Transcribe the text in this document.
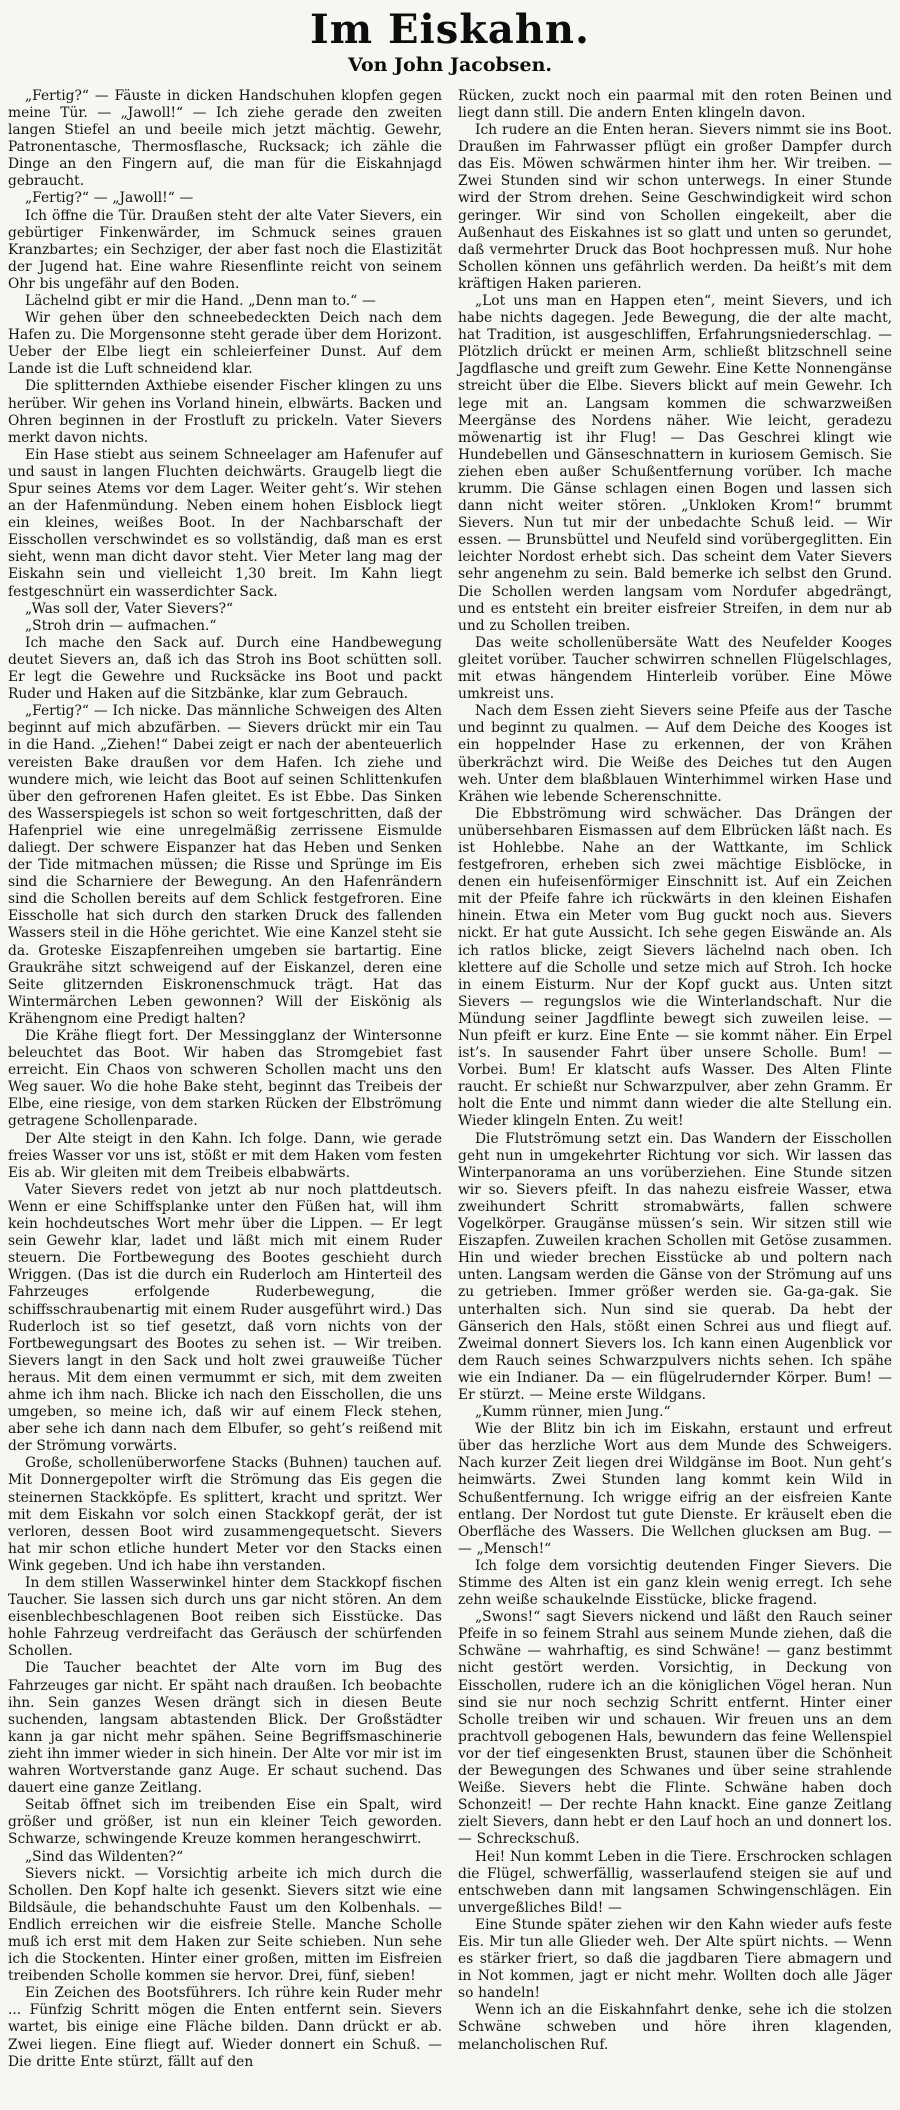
Im Eiskahn.
Von John Jacobsen.

„Fertig?“ — Fäuste in dicken Handschuhen klopfen gegen meine Tür. — „Jawoll!“ — Ich ziehe gerade den zweiten langen Stiefel an und beeile mich jetzt mächtig. Gewehr, Patronentasche, Thermosflasche, Rucksack; ich zähle die Dinge an den Fingern auf, die man für die Eiskahnjagd gebraucht.

„Fertig?“ — „Jawoll!“ —

Ich öffne die Tür. Draußen steht der alte Vater Sievers, ein gebürtiger Finkenwärder, im Schmuck seines grauen Kranzbartes; ein Sechziger, der aber fast noch die Elastizität der Jugend hat. Eine wahre Riesenflinte reicht von seinem Ohr bis ungefähr auf den Boden.

Lächelnd gibt er mir die Hand. „Denn man to.“ —

Wir gehen über den schneebedeckten Deich nach dem Hafen zu. Die Morgensonne steht gerade über dem Horizont. Ueber der Elbe liegt ein schleierfeiner Dunst. Auf dem Lande ist die Luft schneidend klar.

Die splitternden Axthiebe eisender Fischer klingen zu uns herüber. Wir gehen ins Vorland hinein, elbwärts. Backen und Ohren beginnen in der Frostluft zu prickeln. Vater Sievers merkt davon nichts.

Ein Hase stiebt aus seinem Schneelager am Hafenufer auf und saust in langen Fluchten deichwärts. Graugelb liegt die Spur seines Atems vor dem Lager. Weiter geht’s. Wir stehen an der Hafenmündung. Neben einem hohen Eisblock liegt ein kleines, weißes Boot. In der Nachbarschaft der Eisschollen verschwindet es so vollständig, daß man es erst sieht, wenn man dicht davor steht. Vier Meter lang mag der Eiskahn sein und vielleicht 1,30 breit. Im Kahn liegt festgeschnürt ein wasserdichter Sack.

„Was soll der, Vater Sievers?“

„Stroh drin — aufmachen.“

Ich mache den Sack auf. Durch eine Handbewegung deutet Sievers an, daß ich das Stroh ins Boot schütten soll. Er legt die Gewehre und Rucksäcke ins Boot und packt Ruder und Haken auf die Sitzbänke, klar zum Gebrauch.

„Fertig?“ — Ich nicke. Das männliche Schweigen des Alten beginnt auf mich abzufärben. — Sievers drückt mir ein Tau in die Hand. „Ziehen!“ Dabei zeigt er nach der abenteuerlich vereisten Bake draußen vor dem Hafen. Ich ziehe und wundere mich, wie leicht das Boot auf seinen Schlittenkufen über den gefrorenen Hafen gleitet. Es ist Ebbe. Das Sinken des Wasserspiegels ist schon so weit fortgeschritten, daß der Hafenpriel wie eine unregelmäßig zerrissene Eismulde daliegt. Der schwere Eispanzer hat das Heben und Senken der Tide mitmachen müssen; die Risse und Sprünge im Eis sind die Scharniere der Bewegung. An den Hafenrändern sind die Schollen bereits auf dem Schlick festgefroren. Eine Eisscholle hat sich durch den starken Druck des fallenden Wassers steil in die Höhe gerichtet. Wie eine Kanzel steht sie da. Groteske Eiszapfenreihen umgeben sie bartartig. Eine Graukrähe sitzt schweigend auf der Eiskanzel, deren eine Seite glitzernden Eiskronenschmuck trägt. Hat das Wintermärchen Leben gewonnen? Will der Eiskönig als Krähengnom eine Predigt halten?

Die Krähe fliegt fort. Der Messingglanz der Wintersonne beleuchtet das Boot. Wir haben das Stromgebiet fast erreicht. Ein Chaos von schweren Schollen macht uns den Weg sauer. Wo die hohe Bake steht, beginnt das Treibeis der Elbe, eine riesige, von dem starken Rücken der Elbströmung getragene Schollenparade.

Der Alte steigt in den Kahn. Ich folge. Dann, wie gerade freies Wasser vor uns ist, stößt er mit dem Haken vom festen Eis ab. Wir gleiten mit dem Treibeis elbabwärts.

Vater Sievers redet von jetzt ab nur noch plattdeutsch. Wenn er eine Schiffsplanke unter den Füßen hat, will ihm kein hochdeutsches Wort mehr über die Lippen. — Er legt sein Gewehr klar, ladet und läßt mich mit einem Ruder steuern. Die Fortbewegung des Bootes geschieht durch Wriggen. (Das ist die durch ein Ruderloch am Hinterteil des Fahrzeuges erfolgende Ruderbewegung, die schiffsschraubenartig mit einem Ruder ausgeführt wird.) Das Ruderloch ist so tief gesetzt, daß vorn nichts von der Fortbewegungsart des Bootes zu sehen ist. — Wir treiben. Sievers langt in den Sack und holt zwei grauweiße Tücher heraus. Mit dem einen vermummt er sich, mit dem zweiten ahme ich ihm nach. Blicke ich nach den Eisschollen, die uns umgeben, so meine ich, daß wir auf einem Fleck stehen, aber sehe ich dann nach dem Elbufer, so geht’s reißend mit der Strömung vorwärts.

Große, schollenüberworfene Stacks (Buhnen) tauchen auf. Mit Donnergepolter wirft die Strömung das Eis gegen die steinernen Stackköpfe. Es splittert, kracht und spritzt. Wer mit dem Eiskahn vor solch einen Stackkopf gerät, der ist verloren, dessen Boot wird zusammengequetscht. Sievers hat mir schon etliche hundert Meter vor den Stacks einen Wink gegeben. Und ich habe ihn verstanden.

In dem stillen Wasserwinkel hinter dem Stackkopf fischen Taucher. Sie lassen sich durch uns gar nicht stören. An dem eisenblechbeschlagenen Boot reiben sich Eisstücke. Das hohle Fahrzeug verdreifacht das Geräusch der schürfenden Schollen.

Die Taucher beachtet der Alte vorn im Bug des Fahrzeuges gar nicht. Er späht nach draußen. Ich beobachte ihn. Sein ganzes Wesen drängt sich in diesen Beute suchenden, langsam abtastenden Blick. Der Großstädter kann ja gar nicht mehr spähen. Seine Begriffsmaschinerie zieht ihn immer wieder in sich hinein. Der Alte vor mir ist im wahren Wortverstande ganz Auge. Er schaut suchend. Das dauert eine ganze Zeitlang.

Seitab öffnet sich im treibenden Eise ein Spalt, wird größer und größer, ist nun ein kleiner Teich geworden. Schwarze, schwingende Kreuze kommen herangeschwirrt.

„Sind das Wildenten?“

Sievers nickt. — Vorsichtig arbeite ich mich durch die Schollen. Den Kopf halte ich gesenkt. Sievers sitzt wie eine Bildsäule, die behandschuhte Faust um den Kolbenhals. — Endlich erreichen wir die eisfreie Stelle. Manche Scholle muß ich erst mit dem Haken zur Seite schieben. Nun sehe ich die Stockenten. Hinter einer großen, mitten im Eisfreien treibenden Scholle kommen sie hervor. Drei, fünf, sieben!

Ein Zeichen des Bootsführers. Ich rühre kein Ruder mehr ... Fünfzig Schritt mögen die Enten entfernt sein. Sievers wartet, bis einige eine Fläche bilden. Dann drückt er ab. Zwei liegen. Eine fliegt auf. Wieder donnert ein Schuß. — Die dritte Ente stürzt, fällt auf den

Rücken, zuckt noch ein paarmal mit den roten Beinen und liegt dann still. Die andern Enten klingeln davon.

Ich rudere an die Enten heran. Sievers nimmt sie ins Boot. Draußen im Fahrwasser pflügt ein großer Dampfer durch das Eis. Möwen schwärmen hinter ihm her. Wir treiben. — Zwei Stunden sind wir schon unterwegs. In einer Stunde wird der Strom drehen. Seine Geschwindigkeit wird schon geringer. Wir sind von Schollen eingekeilt, aber die Außenhaut des Eiskahnes ist so glatt und unten so gerundet, daß vermehrter Druck das Boot hochpressen muß. Nur hohe Schollen können uns gefährlich werden. Da heißt’s mit dem kräftigen Haken parieren.

„Lot uns man en Happen eten“, meint Sievers, und ich habe nichts dagegen. Jede Bewegung, die der alte macht, hat Tradition, ist ausgeschliffen, Erfahrungsniederschlag. — Plötzlich drückt er meinen Arm, schließt blitzschnell seine Jagdflasche und greift zum Gewehr. Eine Kette Nonnengänse streicht über die Elbe. Sievers blickt auf mein Gewehr. Ich lege mit an. Langsam kommen die schwarzweißen Meergänse des Nordens näher. Wie leicht, geradezu möwenartig ist ihr Flug! — Das Geschrei klingt wie Hundebellen und Gänseschnattern in kuriosem Gemisch. Sie ziehen eben außer Schußentfernung vorüber. Ich mache krumm. Die Gänse schlagen einen Bogen und lassen sich dann nicht weiter stören. „Unkloken Krom!“ brummt Sievers. Nun tut mir der unbedachte Schuß leid. — Wir essen. — Brunsbüttel und Neufeld sind vorübergeglitten. Ein leichter Nordost erhebt sich. Das scheint dem Vater Sievers sehr angenehm zu sein. Bald bemerke ich selbst den Grund. Die Schollen werden langsam vom Nordufer abgedrängt, und es entsteht ein breiter eisfreier Streifen, in dem nur ab und zu Schollen treiben.

Das weite schollenübersäte Watt des Neufelder Kooges gleitet vorüber. Taucher schwirren schnellen Flügelschlages, mit etwas hängendem Hinterleib vorüber. Eine Möwe umkreist uns.

Nach dem Essen zieht Sievers seine Pfeife aus der Tasche und beginnt zu qualmen. — Auf dem Deiche des Kooges ist ein hoppelnder Hase zu erkennen, der von Krähen überkrächzt wird. Die Weiße des Deiches tut den Augen weh. Unter dem blaßblauen Winterhimmel wirken Hase und Krähen wie lebende Scherenschnitte.

Die Ebbströmung wird schwächer. Das Drängen der unübersehbaren Eismassen auf dem Elbrücken läßt nach. Es ist Hohlebbe. Nahe an der Wattkante, im Schlick festgefroren, erheben sich zwei mächtige Eisblöcke, in denen ein hufeisenförmiger Einschnitt ist. Auf ein Zeichen mit der Pfeife fahre ich rückwärts in den kleinen Eishafen hinein. Etwa ein Meter vom Bug guckt noch aus. Sievers nickt. Er hat gute Aussicht. Ich sehe gegen Eiswände an. Als ich ratlos blicke, zeigt Sievers lächelnd nach oben. Ich klettere auf die Scholle und setze mich auf Stroh. Ich hocke in einem Eisturm. Nur der Kopf guckt aus. Unten sitzt Sievers — regungslos wie die Winterlandschaft. Nur die Mündung seiner Jagdflinte bewegt sich zuweilen leise. — Nun pfeift er kurz. Eine Ente — sie kommt näher. Ein Erpel ist’s. In sausender Fahrt über unsere Scholle. Bum! — Vorbei. Bum! Er klatscht aufs Wasser. Des Alten Flinte raucht. Er schießt nur Schwarzpulver, aber zehn Gramm. Er holt die Ente und nimmt dann wieder die alte Stellung ein. Wieder klingeln Enten. Zu weit!

Die Flutströmung setzt ein. Das Wandern der Eisschollen geht nun in umgekehrter Richtung vor sich. Wir lassen das Winterpanorama an uns vorüberziehen. Eine Stunde sitzen wir so. Sievers pfeift. In das nahezu eisfreie Wasser, etwa zweihundert Schritt stromabwärts, fallen schwere Vogelkörper. Graugänse müssen’s sein. Wir sitzen still wie Eiszapfen. Zuweilen krachen Schollen mit Getöse zusammen. Hin und wieder brechen Eisstücke ab und poltern nach unten. Langsam werden die Gänse von der Strömung auf uns zu getrieben. Immer größer werden sie. Ga-ga-gak. Sie unterhalten sich. Nun sind sie querab. Da hebt der Gänserich den Hals, stößt einen Schrei aus und fliegt auf. Zweimal donnert Sievers los. Ich kann einen Augenblick vor dem Rauch seines Schwarzpulvers nichts sehen. Ich spähe wie ein Indianer. Da — ein flügelrudernder Körper. Bum! — Er stürzt. — Meine erste Wildgans.

„Kumm rünner, mien Jung.“

Wie der Blitz bin ich im Eiskahn, erstaunt und erfreut über das herzliche Wort aus dem Munde des Schweigers. Nach kurzer Zeit liegen drei Wildgänse im Boot. Nun geht’s heimwärts. Zwei Stunden lang kommt kein Wild in Schußentfernung. Ich wrigge eifrig an der eisfreien Kante entlang. Der Nordost tut gute Dienste. Er kräuselt eben die Oberfläche des Wassers. Die Wellchen glucksen am Bug. — — „Mensch!“

Ich folge dem vorsichtig deutenden Finger Sievers. Die Stimme des Alten ist ein ganz klein wenig erregt. Ich sehe zehn weiße schaukelnde Eisstücke, blicke fragend.

„Swons!“ sagt Sievers nickend und läßt den Rauch seiner Pfeife in so feinem Strahl aus seinem Munde ziehen, daß die Schwäne — wahrhaftig, es sind Schwäne! — ganz bestimmt nicht gestört werden. Vorsichtig, in Deckung von Eisschollen, rudere ich an die königlichen Vögel heran. Nun sind sie nur noch sechzig Schritt entfernt. Hinter einer Scholle treiben wir und schauen. Wir freuen uns an dem prachtvoll gebogenen Hals, bewundern das feine Wellenspiel vor der tief eingesenkten Brust, staunen über die Schönheit der Bewegungen des Schwanes und über seine strahlende Weiße. Sievers hebt die Flinte. Schwäne haben doch Schonzeit! — Der rechte Hahn knackt. Eine ganze Zeitlang zielt Sievers, dann hebt er den Lauf hoch an und donnert los. — Schreckschuß.

Hei! Nun kommt Leben in die Tiere. Erschrocken schlagen die Flügel, schwerfällig, wasserlaufend steigen sie auf und entschweben dann mit langsamen Schwingenschlägen. Ein unvergeßliches Bild! —

Eine Stunde später ziehen wir den Kahn wieder aufs feste Eis. Mir tun alle Glieder weh. Der Alte spürt nichts. — Wenn es stärker friert, so daß die jagdbaren Tiere abmagern und in Not kommen, jagt er nicht mehr. Wollten doch alle Jäger so handeln!

Wenn ich an die Eiskahnfahrt denke, sehe ich die stolzen Schwäne schweben und höre ihren klagenden, melancholischen Ruf.
